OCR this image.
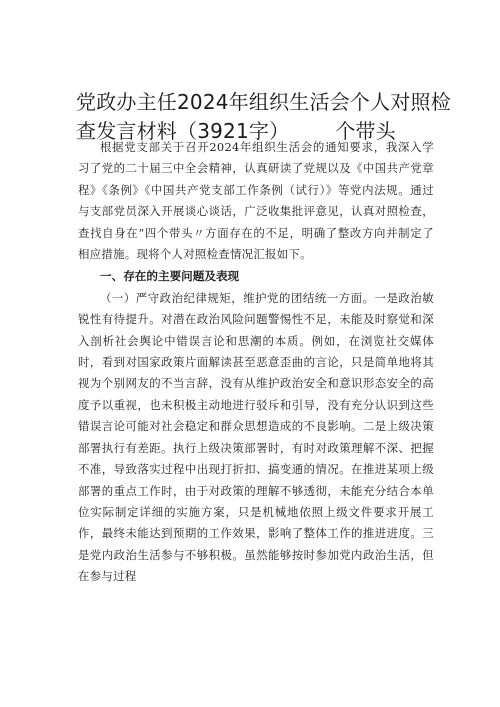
党政办主任2024年组织生活会个人对照检
查发言材料（3921字） 个带头

根据党支部关于召开2024年组织生活会的通知要求，我深入学习了党的二十届三中全会精神，认真研读了党规以及《中国共产党章程》《条例》《中国共产党支部工作条例（试行）》等党内法规。通过与支部党员深入开展谈心谈话，广泛收集批评意见，认真对照检查，查找自身在“四个带头〃方面存在的不足，明确了整改方向并制定了相应措施。现将个人对照检查情况汇报如下。

一、存在的主要问题及表现

（一）严守政治纪律规矩，维护党的团结统一方面。一是政治敏锐性有待提升。对潜在政治风险问题警惕性不足，未能及时察觉和深入剖析社会舆论中错误言论和思潮的本质。例如，在浏览社交媒体时，看到对国家政策片面解读甚至恶意歪曲的言论，只是简单地将其视为个别网友的不当言辞，没有从维护政治安全和意识形态安全的高度予以重视，也未积极主动地进行驳斥和引导，没有充分认识到这些错误言论可能对社会稳定和群众思想造成的不良影响。二是上级决策部署执行有差距。执行上级决策部署时，有时对政策理解不深、把握不准，导致落实过程中出现打折扣、搞变通的情况。在推进某项上级部署的重点工作时，由于对政策的理解不够透彻，未能充分结合本单位实际制定详细的实施方案，只是机械地依照上级文件要求开展工作，最终未能达到预期的工作效果，影响了整体工作的推进进度。三是党内政治生活参与不够积极。虽然能够按时参加党内政治生活，但在参与过程
